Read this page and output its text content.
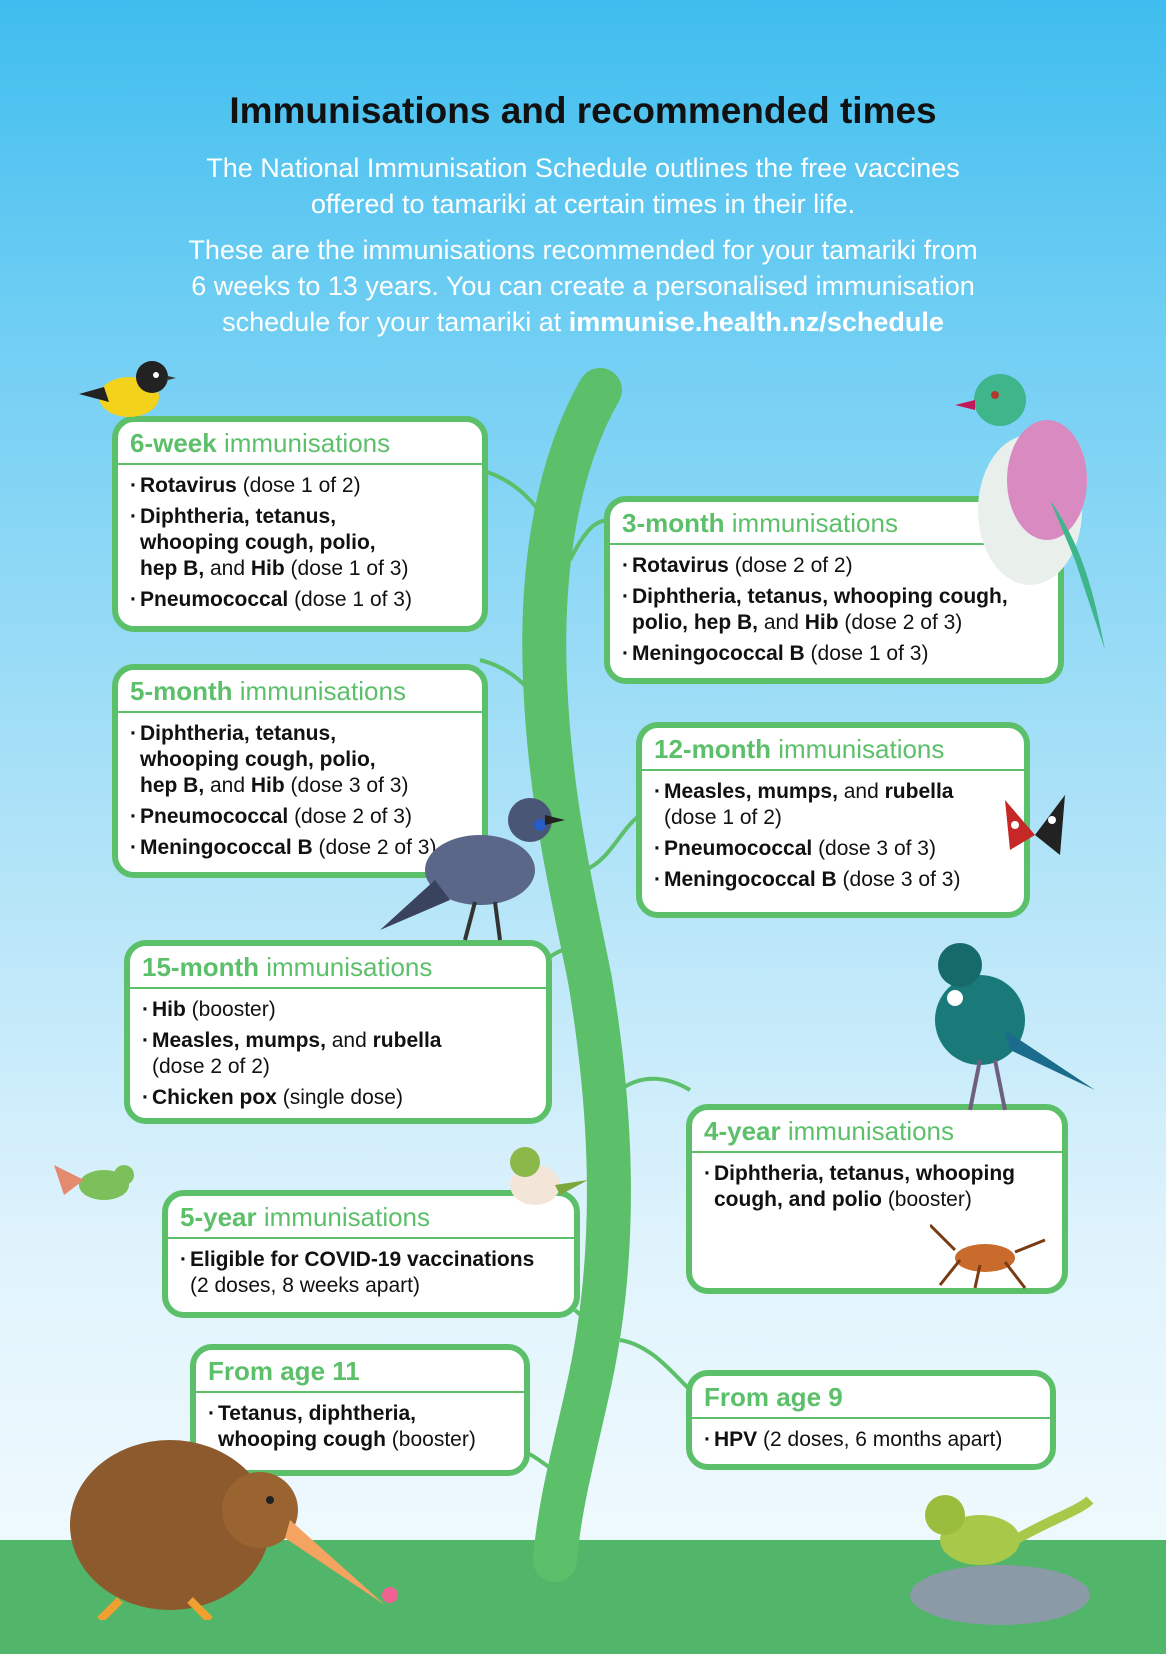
Immunisations and recommended times
The National Immunisation Schedule outlines the free vaccines
offered to tamariki at certain times in their life.
These are the immunisations recommended for your tamariki from
6 weeks to 13 years. You can create a personalised immunisation
schedule for your tamariki at immunise.health.nz/schedule
6-week immunisations
· Rotavirus (dose 1 of 2)
· Diphtheria, tetanus,
whooping cough, polio,
hep B, and Hib (dose 1 of 3)
· Pneumococcal (dose 1 of 3)
3-month immunisations
· Rotavirus (dose 2 of 2)
· Diphtheria, tetanus, whooping cough,
polio, hep B, and Hib (dose 2 of 3)
· Meningococcal B (dose 1 of 3)
5-month immunisations
· Diphtheria, tetanus,
whooping cough, polio,
hep B, and Hib (dose 3 of 3)
· Pneumococcal (dose 2 of 3)
· Meningococcal B (dose 2 of 3)
12-month immunisations
· Measles, mumps, and rubella
(dose 1 of 2)
· Pneumococcal (dose 3 of 3)
· Meningococcal B (dose 3 of 3)
15-month immunisations
· Hib (booster)
· Measles, mumps, and rubella
(dose 2 of 2)
· Chicken pox (single dose)
4-year immunisations
· Diphtheria, tetanus, whooping
cough, and polio (booster)
5-year immunisations
· Eligible for COVID-19 vaccinations
(2 doses, 8 weeks apart)
From age 11
· Tetanus, diphtheria,
whooping cough (booster)
From age 9
· HPV (2 doses, 6 months apart)
